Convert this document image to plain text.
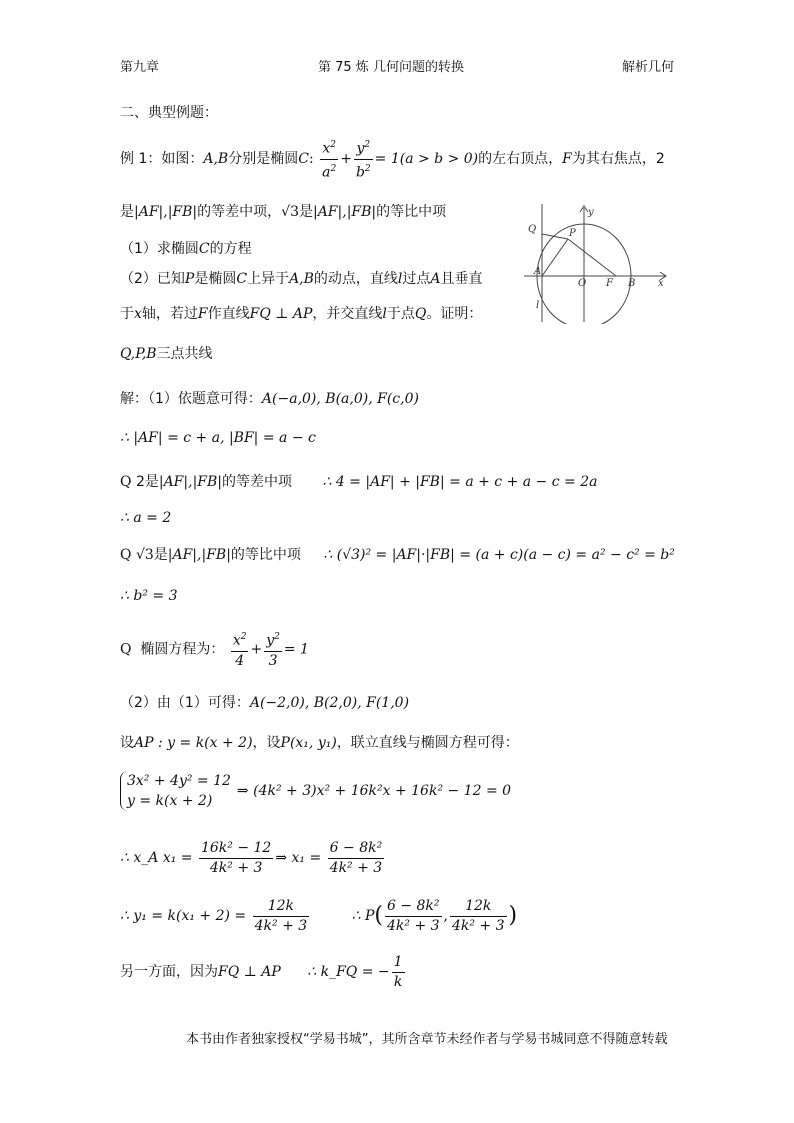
第九章	第 75 炼 几何问题的转换	解析几何
二、典型例题：
例 1：如图：A,B分别是椭圆C: $\frac{x^2}{a^2} + \frac{y^2}{b^2} = 1(a > b > 0)$的左右顶点，F为其右焦点，2
是|AF|,|FB|的等差中项，√3是|AF|,|FB|的等比中项
（1）求椭圆C的方程
（2）已知P是椭圆C上异于A,B的动点，直线l过点A且垂直
于x轴，若过F作直线FQ ⊥ AP，并交直线l于点Q。证明：
Q,P,B三点共线
y
x
Q	P
A
O F B
l
解：（1）依题意可得：A(−a,0), B(a,0), F(c,0)
∴ |AF| = c + a, |BF| = a − c
Q 2是|AF|,|FB|的等差中项 ∴ 4 = |AF| + |FB| = a + c + a − c = 2a
∴ a = 2
Q √3是|AF|,|FB|的等比中项 ∴ (√3)² = |AF|·|FB| = (a + c)(a − c) = a² − c² = b²
∴ b² = 3
Q 椭圆方程为： $\frac{x^2}{4} + \frac{y^2}{3} = 1$
（2）由（1）可得：A(−2,0), B(2,0), F(1,0)
设AP : y = k(x + 2)，设P(x₁, y₁)，联立直线与椭圆方程可得：
3x² + 4y² = 12
y = k(x + 2)
⇒ (4k² + 3)x² + 16k²x + 16k² − 12 = 0
∴ x_A $x_1 = \frac{\text{16k² − 12}}{\text{4k² + 3}}$ ⇒ $x_1 = \frac{\text{6 − 8k²}}{\text{4k² + 3}}$
∴ $y_1 = k(x_1 + 2) = \frac{12k}{\text{4k² + 3}}$	∴ $P( \frac{\text{6 − 8k²}}{\text{4k² + 3}}$ , $\frac{12k}{\text{4k² + 3}}$ )
另一方面，因为FQ ⊥ AP ∴ k_FQ = − $\frac{1}{k}$
本书由作者独家授权“学易书城”，其所含章节未经作者与学易书城同意不得随意转载
